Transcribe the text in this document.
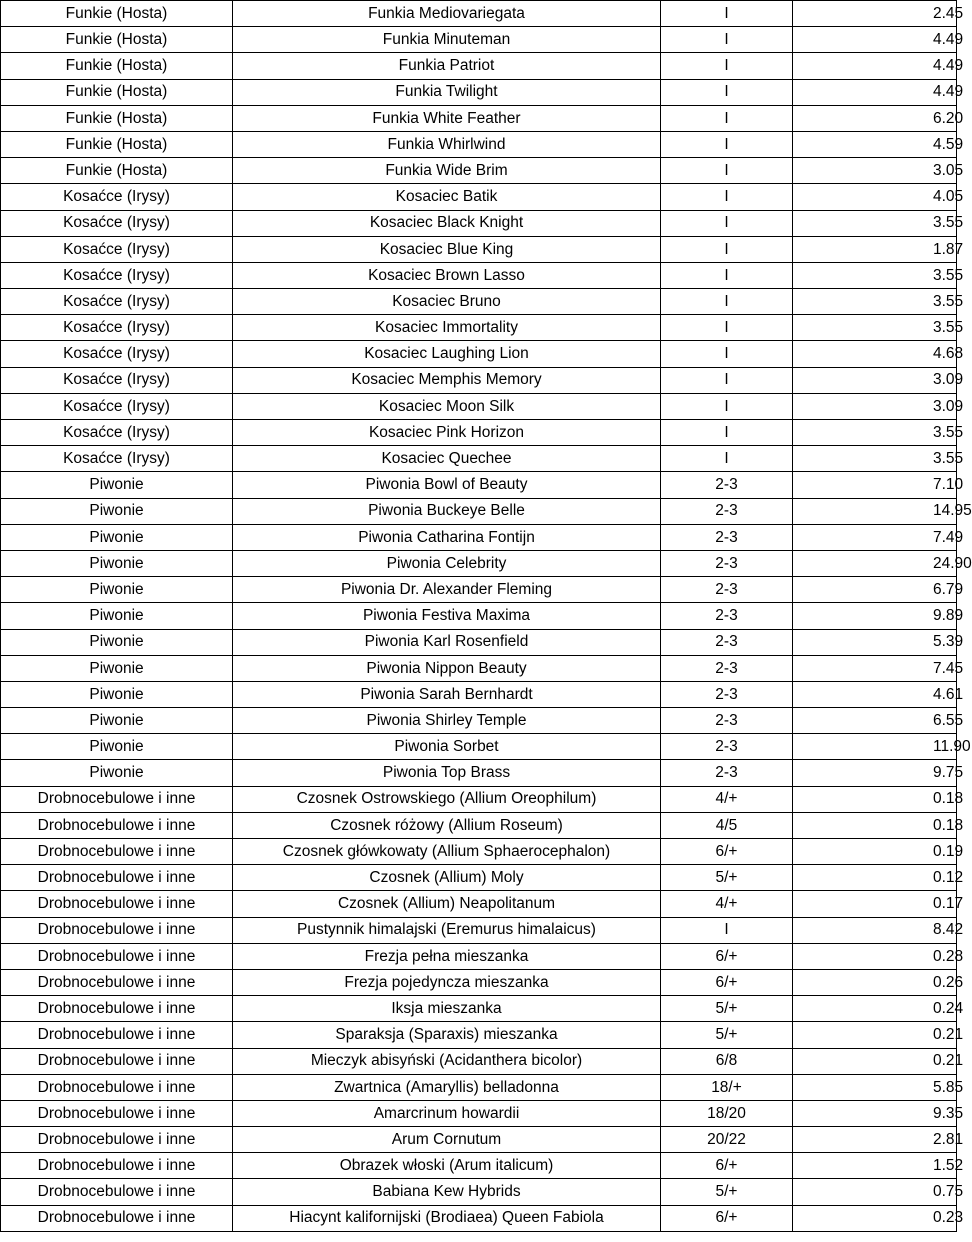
Funkie (Hosta)	Funkia Mediovariegata	I	2.45
Funkie (Hosta)	Funkia Minuteman	I	4.49
Funkie (Hosta)	Funkia Patriot	I	4.49
Funkie (Hosta)	Funkia Twilight	I	4.49
Funkie (Hosta)	Funkia White Feather	I	6.20
Funkie (Hosta)	Funkia Whirlwind	I	4.59
Funkie (Hosta)	Funkia Wide Brim	I	3.05
Kosaćce (Irysy)	Kosaciec Batik	I	4.05
Kosaćce (Irysy)	Kosaciec Black Knight	I	3.55
Kosaćce (Irysy)	Kosaciec Blue King	I	1.87
Kosaćce (Irysy)	Kosaciec Brown Lasso	I	3.55
Kosaćce (Irysy)	Kosaciec Bruno	I	3.55
Kosaćce (Irysy)	Kosaciec Immortality	I	3.55
Kosaćce (Irysy)	Kosaciec Laughing Lion	I	4.68
Kosaćce (Irysy)	Kosaciec Memphis Memory	I	3.09
Kosaćce (Irysy)	Kosaciec Moon Silk	I	3.09
Kosaćce (Irysy)	Kosaciec Pink Horizon	I	3.55
Kosaćce (Irysy)	Kosaciec Quechee	I	3.55
Piwonie	Piwonia Bowl of Beauty	2-3	7.10
Piwonie	Piwonia Buckeye Belle	2-3	14.95
Piwonie	Piwonia Catharina Fontijn	2-3	7.49
Piwonie	Piwonia Celebrity	2-3	24.90
Piwonie	Piwonia Dr. Alexander Fleming	2-3	6.79
Piwonie	Piwonia Festiva Maxima	2-3	9.89
Piwonie	Piwonia Karl Rosenfield	2-3	5.39
Piwonie	Piwonia Nippon Beauty	2-3	7.45
Piwonie	Piwonia Sarah Bernhardt	2-3	4.61
Piwonie	Piwonia Shirley Temple	2-3	6.55
Piwonie	Piwonia Sorbet	2-3	11.90
Piwonie	Piwonia Top Brass	2-3	9.75
Drobnocebulowe i inne	Czosnek Ostrowskiego (Allium Oreophilum)	4/+	0.18
Drobnocebulowe i inne	Czosnek różowy (Allium Roseum)	4/5	0.18
Drobnocebulowe i inne	Czosnek główkowaty (Allium Sphaerocephalon)	6/+	0.19
Drobnocebulowe i inne	Czosnek (Allium) Moly	5/+	0.12
Drobnocebulowe i inne	Czosnek (Allium) Neapolitanum	4/+	0.17
Drobnocebulowe i inne	Pustynnik himalajski (Eremurus himalaicus)	I	8.42
Drobnocebulowe i inne	Frezja pełna mieszanka	6/+	0.28
Drobnocebulowe i inne	Frezja pojedyncza mieszanka	6/+	0.26
Drobnocebulowe i inne	Iksja mieszanka	5/+	0.24
Drobnocebulowe i inne	Sparaksja (Sparaxis) mieszanka	5/+	0.21
Drobnocebulowe i inne	Mieczyk abisyński (Acidanthera bicolor)	6/8	0.21
Drobnocebulowe i inne	Zwartnica (Amaryllis) belladonna	18/+	5.85
Drobnocebulowe i inne	Amarcrinum howardii	18/20	9.35
Drobnocebulowe i inne	Arum Cornutum	20/22	2.81
Drobnocebulowe i inne	Obrazek włoski (Arum italicum)	6/+	1.52
Drobnocebulowe i inne	Babiana Kew Hybrids	5/+	0.75
Drobnocebulowe i inne	Hiacynt kalifornijski (Brodiaea) Queen Fabiola	6/+	0.23
